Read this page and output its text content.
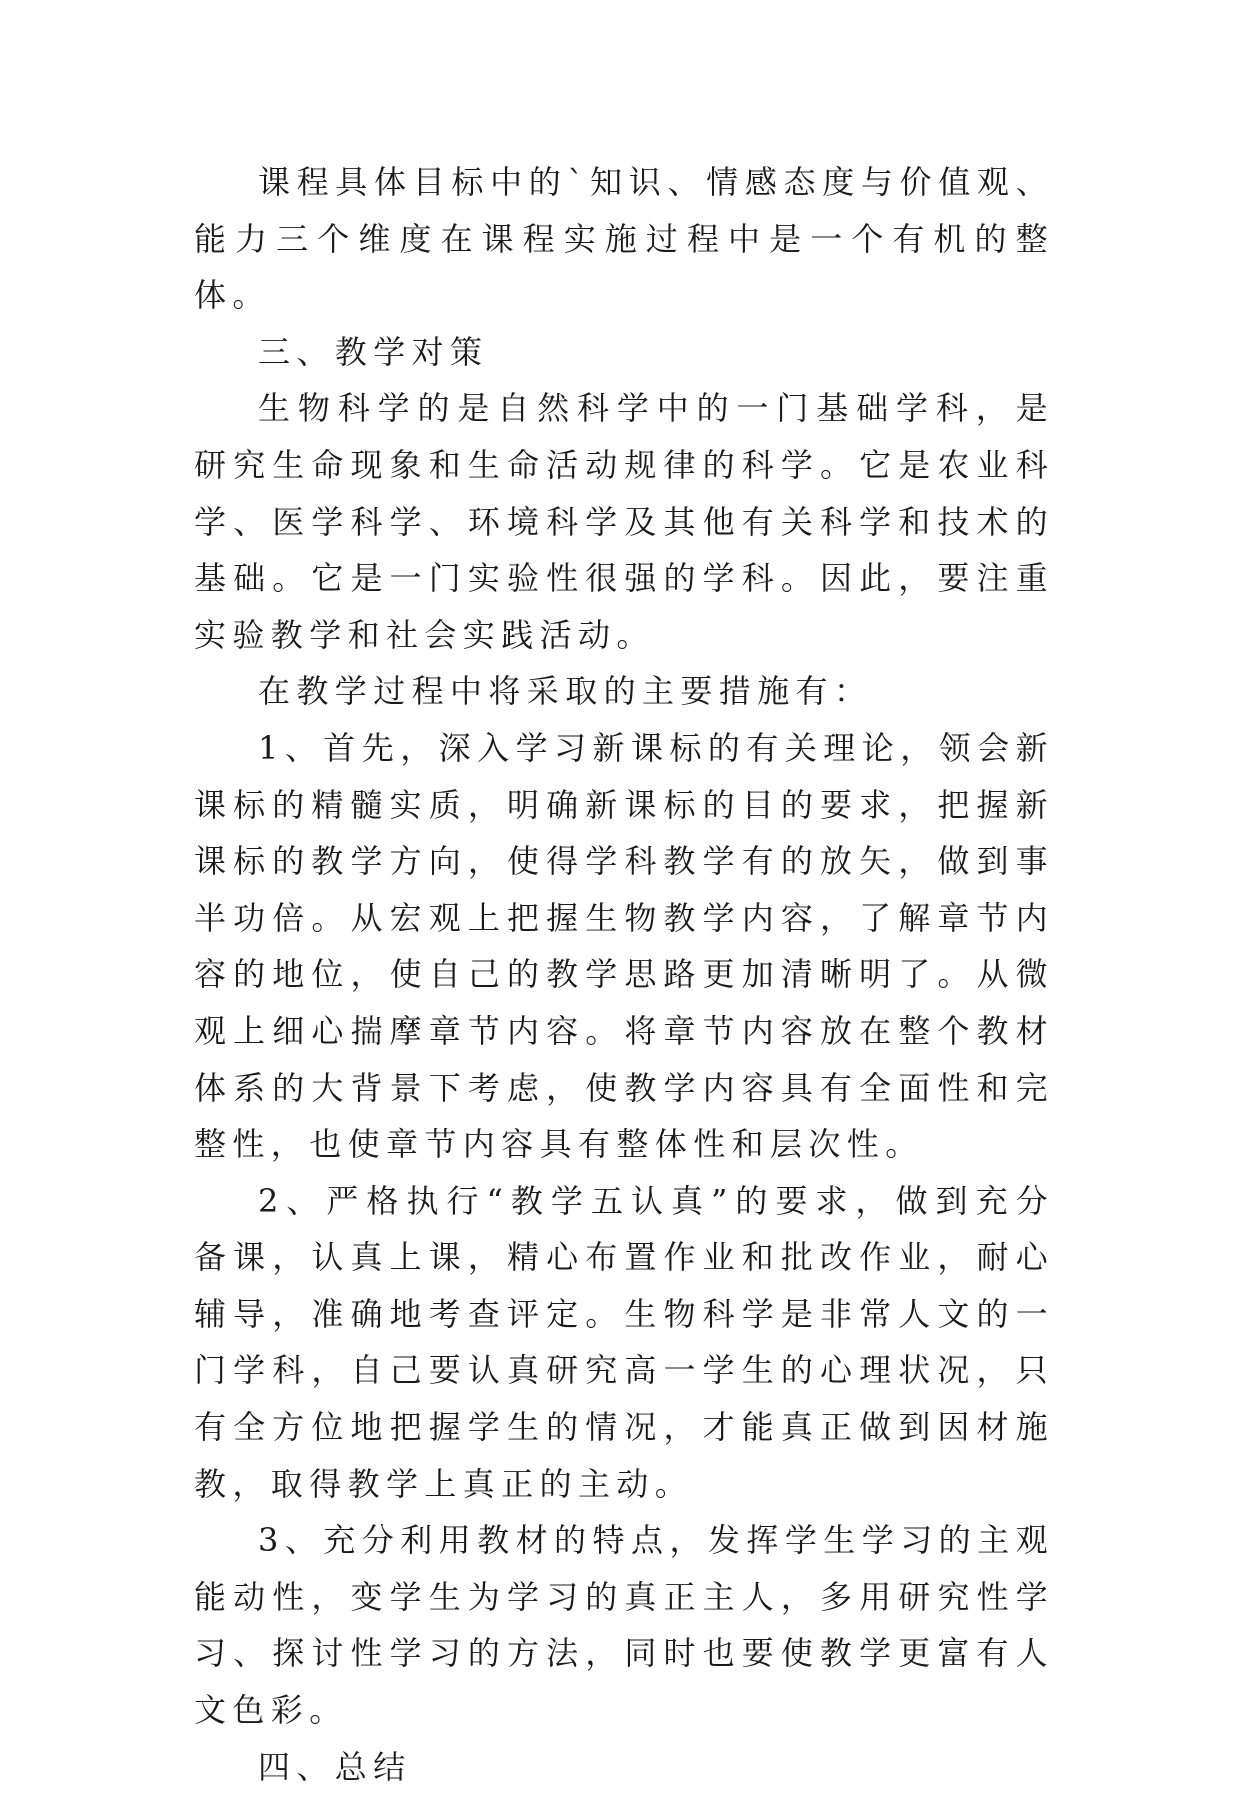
课程具体目标中的`知识、情感态度与价值观、能力三个维度在课程实施过程中是一个有机的整体。

三、教学对策

生物科学的是自然科学中的一门基础学科，是研究生命现象和生命活动规律的科学。它是农业科学、医学科学、环境科学及其他有关科学和技术的基础。它是一门实验性很强的学科。因此，要注重实验教学和社会实践活动。

在教学过程中将采取的主要措施有：

1、首先，深入学习新课标的有关理论，领会新课标的精髓实质，明确新课标的目的要求，把握新课标的教学方向，使得学科教学有的放矢，做到事半功倍。从宏观上把握生物教学内容，了解章节内容的地位，使自己的教学思路更加清晰明了。从微观上细心揣摩章节内容。将章节内容放在整个教材体系的大背景下考虑，使教学内容具有全面性和完整性，也使章节内容具有整体性和层次性。

2、严格执行“教学五认真”的要求，做到充分备课，认真上课，精心布置作业和批改作业，耐心辅导，准确地考查评定。生物科学是非常人文的一门学科，自己要认真研究高一学生的心理状况，只有全方位地把握学生的情况，才能真正做到因材施教，取得教学上真正的主动。

3、充分利用教材的特点，发挥学生学习的主观能动性，变学生为学习的真正主人，多用研究性学习、探讨性学习的方法，同时也要使教学更富有人文色彩。

四、总结
